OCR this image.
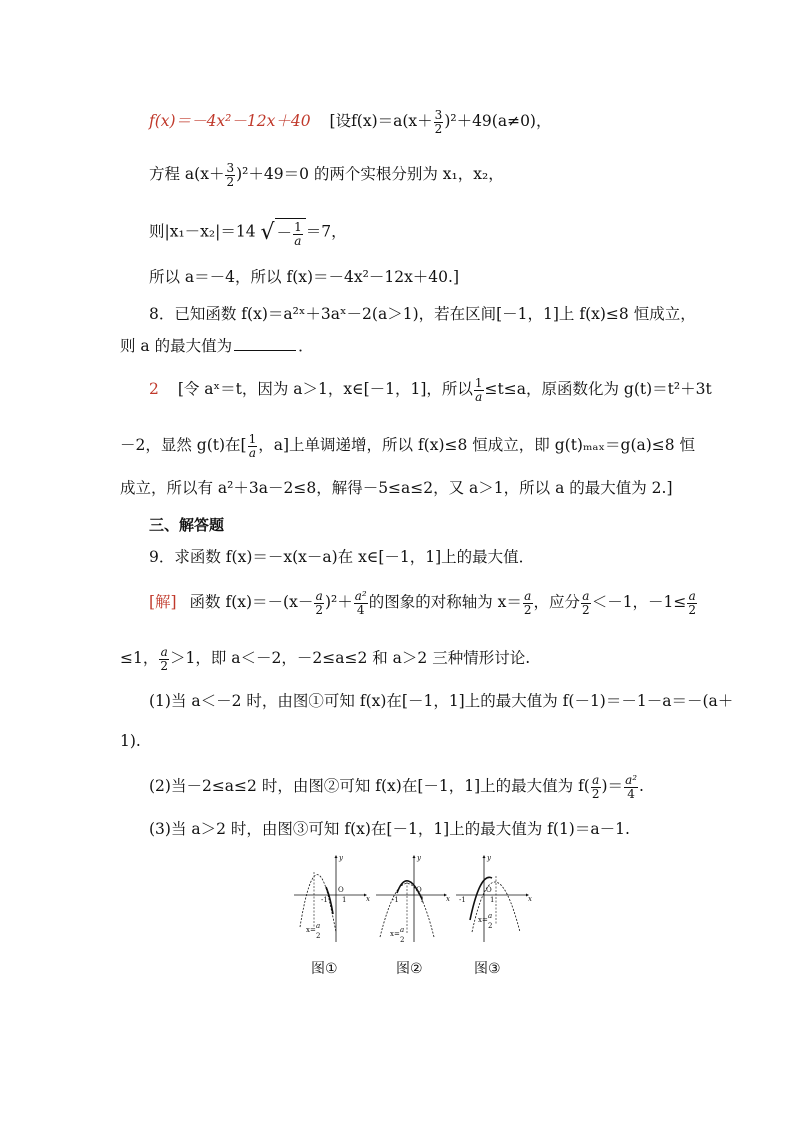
f(x)＝－4x²－12x＋40 [设$f(x)=a(x+ \frac{3}{2} )^2+49(a\ne 0)$，
方程 $a(x+ \frac{3}{2} )^2+49=0$ 的两个实根分别为 x₁，x₂，
则|x₁－x₂|＝14 √ － $\frac{1}{a} =7$，
所以 a＝－4，所以 f(x)＝－4x²－12x＋40.]
8．已知函数 f(x)＝a²ˣ＋3aˣ－2(a＞1)，若在区间[－1，1]上 f(x)≤8 恒成立，
则 a 的最大值为	．
2 [令 aˣ＝t，因为 a＞1，x∈[－1，1]，所以 $\frac{1}{a} \le t\le a$，原函数化为 g(t)＝t²＋3t
－2，显然 g(t)在[ $\frac{1}{a}$ ，a]上单调递增，所以 f(x)≤8 恒成立，即 g(t)ₘₐₓ＝g(a)≤8 恒
成立，所以有 a²＋3a－2≤8，解得－5≤a≤2，又 a＞1，所以 a 的最大值为 2.]
三、解答题
9．求函数 f(x)＝－x(x－a)在 x∈[－1，1]上的最大值．
[解] 函数 $f(x)=-(x- \frac{a}{2} )^2+ \frac{\text{a²}}{4}$ 的图象的对称轴为 $x= \frac{a}{2}$ ，应分 $\frac{a}{2} <-1$，$-1\le \frac{a}{2}$
≤1， $\frac{a}{2} >1$，即 a＜－2，－2≤a≤2 和 a＞2 三种情形讨论.
(1)当 a＜－2 时，由图①可知 f(x)在[－1，1]上的最大值为 f(－1)＝－1－a＝－(a＋
1).
(2)当－2≤a≤2 时，由图②可知 f(x)在[－1，1]上的最大值为 $f( \frac{a}{2}$ )＝ $\frac{\text{a²}}{4}$ .
(3)当 a＞2 时，由图③可知 f(x)在[－1，1]上的最大值为 f(1)＝a－1.
x
y
O
-1 1
x= a
2
x
y
O
-1	1
x= a
2
x
y
O
-1	1
x= a
2
图①	图②	图③
